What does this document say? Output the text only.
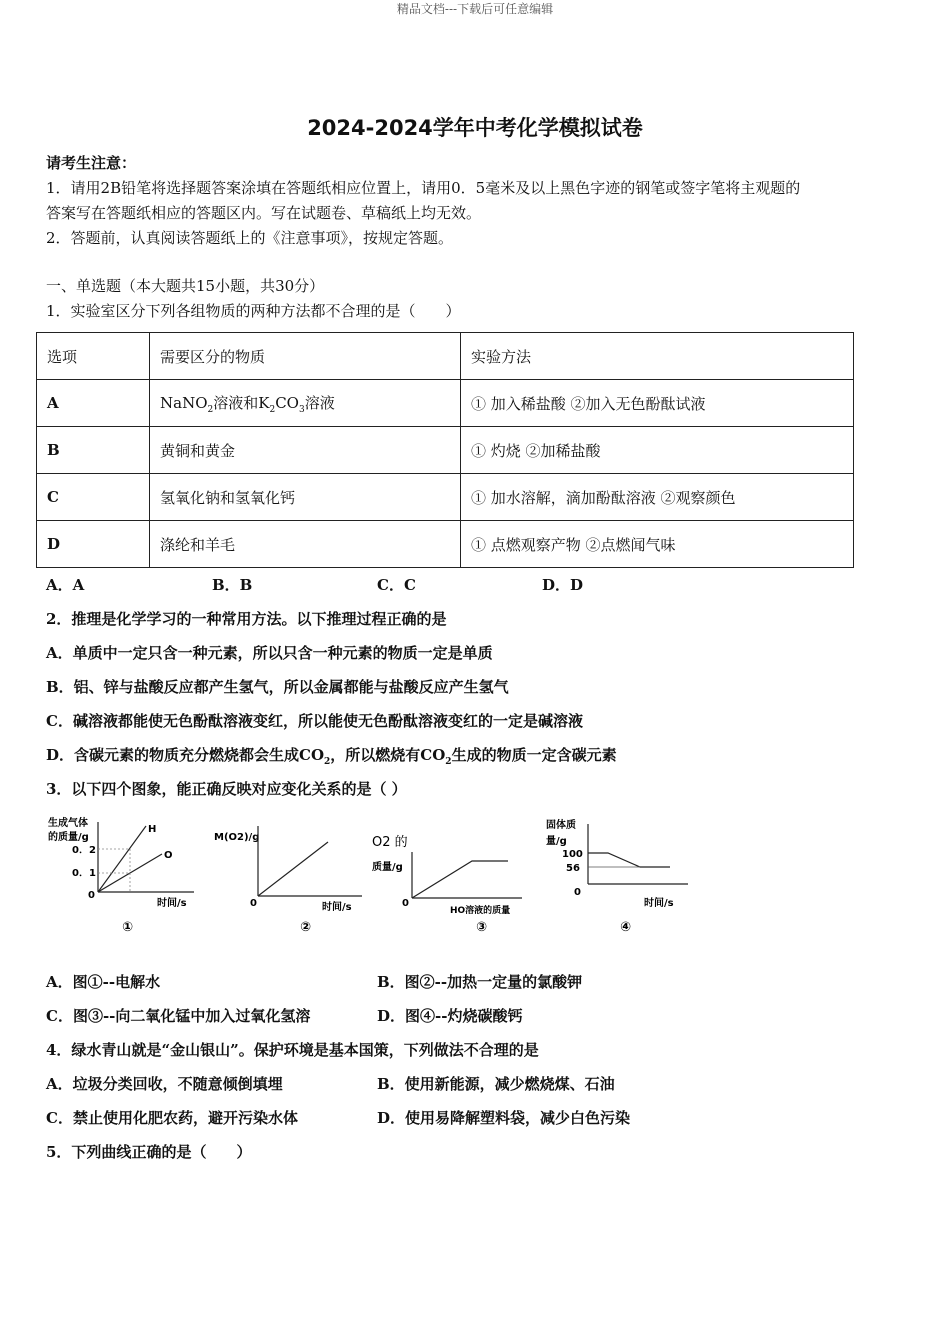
精品文档---下载后可任意编辑
2024-2024学年中考化学模拟试卷
请考生注意：
1．请用2B铅笔将选择题答案涂填在答题纸相应位置上，请用0．5毫米及以上黑色字迹的钢笔或签字笔将主观题的
答案写在答题纸相应的答题区内。写在试题卷、草稿纸上均无效。
2．答题前，认真阅读答题纸上的《注意事项》，按规定答题。
一、单选题（本大题共15小题，共30分）
1．实验室区分下列各组物质的两种方法都不合理的是（　　）
选项	需要区分的物质	实验方法
A	NaNO$_2$溶液和$K_2CO_3$溶液	① 加入稀盐酸 ②加入无色酚酞试液
B	黄铜和黄金	① 灼烧 ②加稀盐酸
C	氢氧化钠和氢氧化钙	① 加水溶解，滴加酚酞溶液 ②观察颜色
D	涤纶和羊毛	① 点燃观察产物 ②点燃闻气味
A．A	B．B	C．C	D．D
2．推理是化学学习的一种常用方法。以下推理过程正确的是
A．单质中一定只含一种元素，所以只含一种元素的物质一定是单质
B．铝、锌与盐酸反应都产生氢气，所以金属都能与盐酸反应产生氢气
C．碱溶液都能使无色酚酞溶液变红，所以能使无色酚酞溶液变红的一定是碱溶液
D．含碳元素的物质充分燃烧都会生成$CO_2$，所以燃烧有$CO_2$生成的物质一定含碳元素
3．以下四个图象，能正确反映对应变化关系的是（ ）
生成气体
的质量/g
0．2
0．1
0
H
O
时间/s
①
M(O2)/g
0	时间/s
②
O2 的
质量/g
0
HO溶液的质量
③
固体质
量/g
100
56
0
时间/s
④
A．图①--电解水	B．图②--加热一定量的氯酸钾
C．图③--向二氧化锰中加入过氧化氢溶	D．图④--灼烧碳酸钙
4．绿水青山就是“金山银山”。保护环境是基本国策，下列做法不合理的是
A．垃圾分类回收，不随意倾倒填埋	B．使用新能源，减少燃烧煤、石油
C．禁止使用化肥农药，避开污染水体	D．使用易降解塑料袋，减少白色污染
5．下列曲线正确的是（　　）
